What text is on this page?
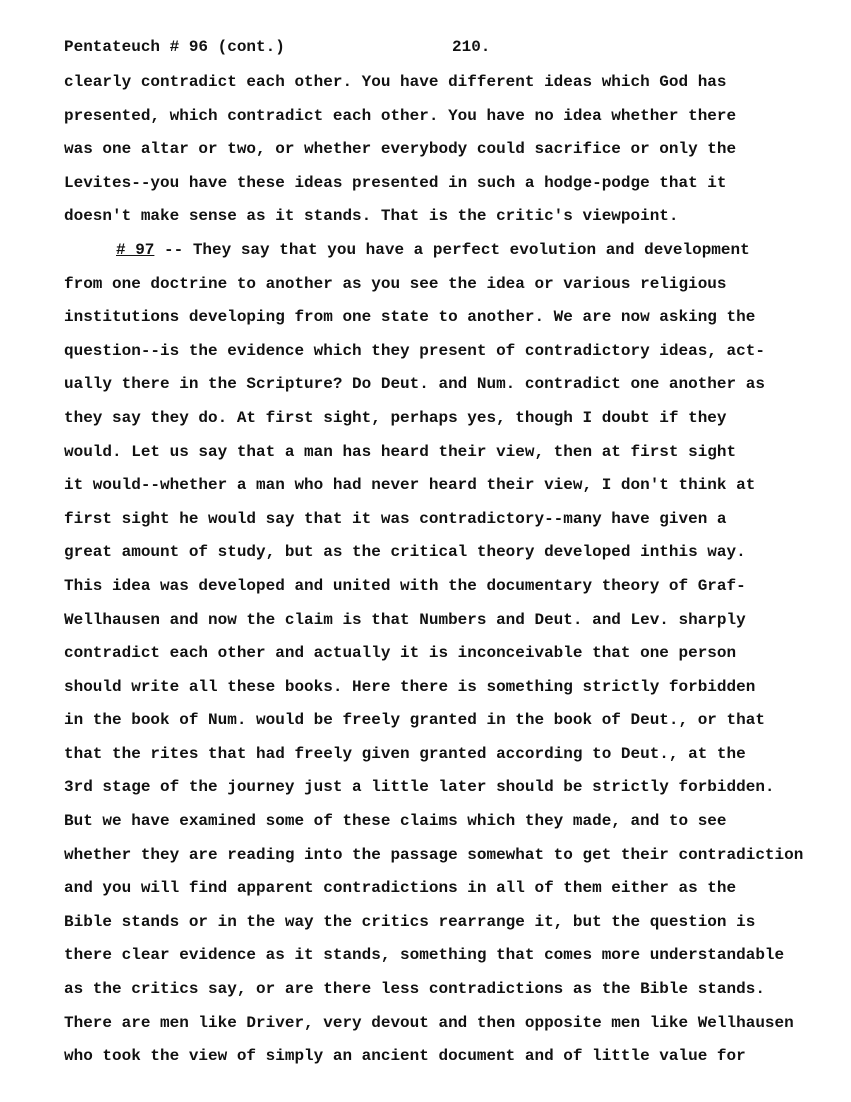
Pentateuch # 96 (cont.)	210.
clearly contradict each other. You have different ideas which God has
presented, which contradict each other. You have no idea whether there
was one altar or two, or whether everybody could sacrifice or only the
Levites--you have these ideas presented in such a hodge-podge that it
doesn't make sense as it stands. That is the critic's viewpoint.
# 97 -- They say that you have a perfect evolution and development
from one doctrine to another as you see the idea or various religious
institutions developing from one state to another. We are now asking the
question--is the evidence which they present of contradictory ideas, act-
ually there in the Scripture? Do Deut. and Num. contradict one another as
they say they do. At first sight, perhaps yes, though I doubt if they
would. Let us say that a man has heard their view, then at first sight
it would--whether a man who had never heard their view, I don't think at
first sight he would say that it was contradictory--many have given a
great amount of study, but as the critical theory developed inthis way.
This idea was developed and united with the documentary theory of Graf-
Wellhausen and now the claim is that Numbers and Deut. and Lev. sharply
contradict each other and actually it is inconceivable that one person
should write all these books. Here there is something strictly forbidden
in the book of Num. would be freely granted in the book of Deut., or that
that the rites that had freely given granted according to Deut., at the
3rd stage of the journey just a little later should be strictly forbidden.
But we have examined some of these claims which they made, and to see
whether they are reading into the passage somewhat to get their contradiction
and you will find apparent contradictions in all of them either as the
Bible stands or in the way the critics rearrange it, but the question is
there clear evidence as it stands, something that comes more understandable
as the critics say, or are there less contradictions as the Bible stands.
There are men like Driver, very devout and then opposite men like Wellhausen
who took the view of simply an ancient document and of little value for
